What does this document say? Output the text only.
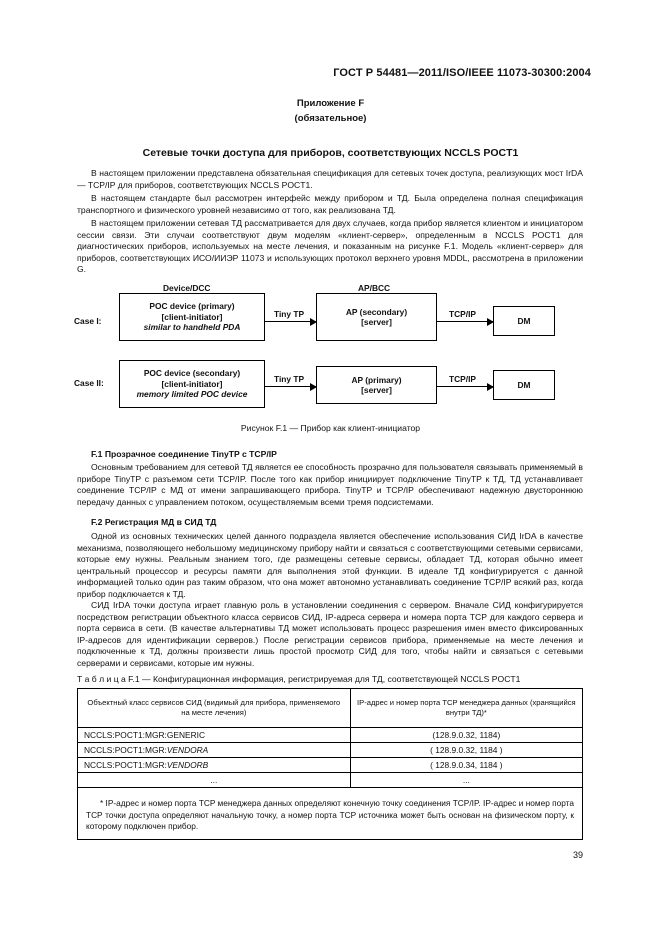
ГОСТ Р 54481—2011/ISO/IEEE 11073-30300:2004
Приложение F
(обязательное)
Сетевые точки доступа для приборов, соответствующих NCCLS POCT1
В настоящем приложении представлена обязательная спецификация для сетевых точек доступа, реализующих мост IrDA — TCP/IP для приборов, соответствующих NCCLS POCT1.
В настоящем стандарте был рассмотрен интерфейс между прибором и ТД. Была определена полная спецификация транспортного и физического уровней независимо от того, как реализована ТД.
В настоящем приложении сетевая ТД рассматривается для двух случаев, когда прибор является клиентом и инициатором сессии связи. Эти случаи соответствуют двум моделям «клиент-сервер», определенным в NCCLS POCT1 для диагностических приборов, используемых на месте лечения, и показанным на рисунке F.1. Модель «клиент-сервер» для приборов, соответствующих ИСО/ИИЭР 11073 и использующих протокол верхнего уровня MDDL, рассмотрена в приложении G.
Device/DCC	AP/BCC
Case I:
POC device (primary)
[client-initiator]
similar to handheld PDA
Tiny TP	AP (secondary)
[server]
TCP/IP
DM
Case II:
POC device (secondary)
[client-initiator]
memory limited POC device
Tiny TP	AP (primary)
[server]
TCP/IP
DM
Рисунок F.1 — Прибор как клиент-инициатор
F.1 Прозрачное соединение TinyTP с TCP/IP
Основным требованием для сетевой ТД является ее способность прозрачно для пользователя связывать применяемый в приборе TinyTP с разъемом сети TCP/IP. После того как прибор инициирует подключение TinyTP к ТД, ТД устанавливает соединение TCP/IP с МД от имени запрашивающего прибора. TinyTP и TCP/IP обеспечивают надежную двустороннюю передачу данных с управлением потоком, осуществляемым всеми тремя подсистемами.
F.2 Регистрация МД в СИД ТД
Одной из основных технических целей данного подраздела является обеспечение использования СИД IrDA в качестве механизма, позволяющего небольшому медицинскому прибору найти и связаться с соответствующими сетевыми сервисами, которые ему нужны. Реальным знанием того, где размещены сетевые сервисы, обладает ТД, которая обычно имеет центральный процессор и ресурсы памяти для выполнения этой функции. В идеале ТД конфигурируется с данной информацией только один раз таким образом, что она может автономно устанавливать соединение TCP/IP всякий раз, когда прибор подключается к ТД.
СИД IrDA точки доступа играет главную роль в установлении соединения с сервером. Вначале СИД конфигурируется посредством регистрации объектного класса сервисов СИД, IP-адреса сервера и номера порта TCP для каждого сервера и порта сервиса в сети. (В качестве альтернативы ТД может использовать процесс разрешения имен вместо фиксированных IP-адресов для идентификации серверов.) После регистрации сервисов прибора, применяемые на месте лечения и подключенные к ТД, должны произвести лишь простой просмотр СИД для того, чтобы найти и связаться с сетевыми серверами и сервисами, которые им нужны.
Т а б л и ц а F.1 — Конфигурационная информация, регистрируемая для ТД, соответствующей NCCLS POCT1
Объектный класс сервисов СИД (видимый для прибора, применяемого на месте лечения)	IP-адрес и номер порта TCP менеджера данных (хранящийся внутри ТД)*
NCCLS:POCT1:MGR:GENERIC	(128.9.0.32, 1184)
NCCLS:POCT1:MGR:VENDORA	( 128.9.0.32, 1184 )
NCCLS:POCT1:MGR:VENDORB	( 128.9.0.34, 1184 )
...	...
* IP-адрес и номер порта TCP менеджера данных определяют конечную точку соединения TCP/IP. IP-адрес и номер порта TCP точки доступа определяют начальную точку, а номер порта TCP источника может быть основан на физическом порту, к которому подключен прибор.	
39
